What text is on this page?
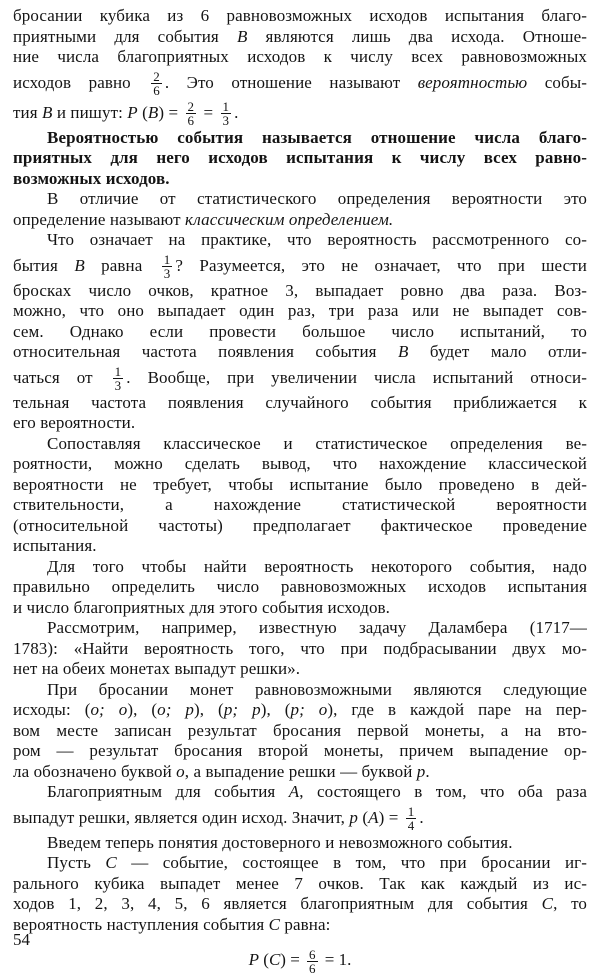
бросании кубика из 6 равновозможных исходов испытания благо-
приятными для события B являются лишь два исхода. Отноше-
ние числа благоприятных исходов к числу всех равновозможных
исходов равно $\frac{2}{6}$ . Это отношение называют вероятностью собы-
тия B и пишут: P $(B) = \frac{2}{6} = \frac{1}{3}$ .
Вероятностью события называется отношение числа благо-
приятных для него исходов испытания к числу всех равно-
возможных исходов.
В отличие от статистического определения вероятности это
определение называют классическим определением.
Что означает на практике, что вероятность рассмотренного со-
бытия B равна $\frac{1}{3}$ ? Разумеется, это не означает, что при шести
бросках число очков, кратное 3, выпадает ровно два раза. Воз-
можно, что оно выпадает один раз, три раза или не выпадет сов-
сем. Однако если провести большое число испытаний, то
относительная частота появления события B будет мало отли-
чаться от $\frac{1}{3}$ . Вообще, при увеличении числа испытаний относи-
тельная частота появления случайного события приближается к
его вероятности.
Сопоставляя классическое и статистическое определения ве-
роятности, можно сделать вывод, что нахождение классической
вероятности не требует, чтобы испытание было проведено в дей-
ствительности, а нахождение статистической вероятности
(относительной частоты) предполагает фактическое проведение
испытания.
Для того чтобы найти вероятность некоторого события, надо
правильно определить число равновозможных исходов испытания
и число благоприятных для этого события исходов.
Рассмотрим, например, известную задачу Даламбера (1717—
1783): «Найти вероятность того, что при подбрасывании двух мо-
нет на обеих монетах выпадут решки».
При бросании монет равновозможными являются следующие
исходы: (o; o), (o; p), (p; p), (p; o), где в каждой паре на пер-
вом месте записан результат бросания первой монеты, а на вто-
ром — результат бросания второй монеты, причем выпадение ор-
ла обозначено буквой o, а выпадение решки — буквой p.
Благоприятным для события A, состоящего в том, что оба раза
выпадут решки, является один исход. Значит, p $(A) = \frac{1}{4}$ .
Введем теперь понятия достоверного и невозможного события.
Пусть C — событие, состоящее в том, что при бросании иг-
рального кубика выпадет менее 7 очков. Так как каждый из ис-
ходов 1, 2, 3, 4, 5, 6 является благоприятным для события C, то
вероятность наступления события C равна:
P $(C) = \frac{6}{6} = 1$.
54
